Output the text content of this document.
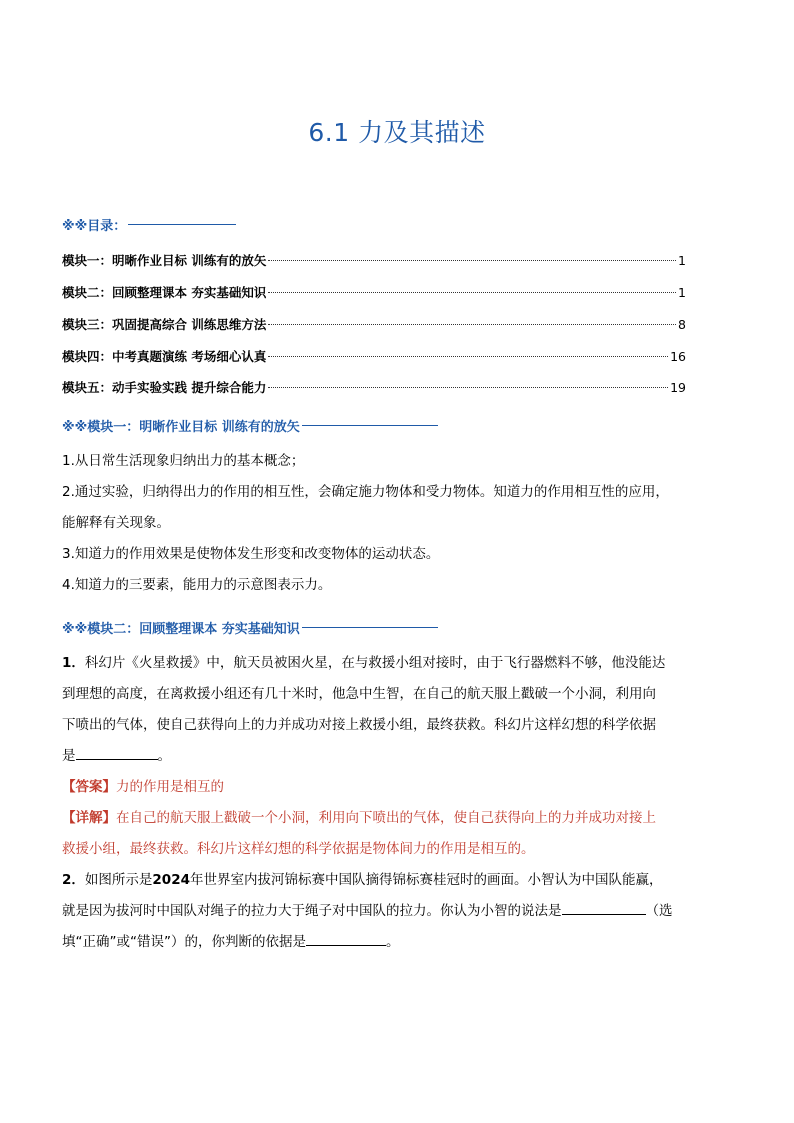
6.1 力及其描述
※※目录：
模块一：明晰作业目标 训练有的放矢	1
模块二：回顾整理课本 夯实基础知识	1
模块三：巩固提高综合 训练思维方法	8
模块四：中考真题演练 考场细心认真	16
模块五：动手实验实践 提升综合能力	19
※※模块一：明晰作业目标 训练有的放矢
1.从日常生活现象归纳出力的基本概念；
2.通过实验，归纳得出力的作用的相互性，会确定施力物体和受力物体。知道力的作用相互性的应用，
能解释有关现象。
3.知道力的作用效果是使物体发生形变和改变物体的运动状态。
4.知道力的三要素，能用力的示意图表示力。
※※模块二：回顾整理课本 夯实基础知识
1．科幻片《火星救援》中，航天员被困火星，在与救援小组对接时，由于飞行器燃料不够，他没能达
到理想的高度，在离救援小组还有几十米时，他急中生智，在自己的航天服上戳破一个小洞，利用向
下喷出的气体，使自己获得向上的力并成功对接上救援小组，最终获救。科幻片这样幻想的科学依据
是	。
【答案】力的作用是相互的
【详解】在自己的航天服上戳破一个小洞，利用向下喷出的气体，使自己获得向上的力并成功对接上
救援小组，最终获救。科幻片这样幻想的科学依据是物体间力的作用是相互的。
2．如图所示是2024年世界室内拔河锦标赛中国队摘得锦标赛桂冠时的画面。小智认为中国队能赢，
就是因为拔河时中国队对绳子的拉力大于绳子对中国队的拉力。你认为小智的说法是	（选
填“正确”或“错误”）的，你判断的依据是	。
